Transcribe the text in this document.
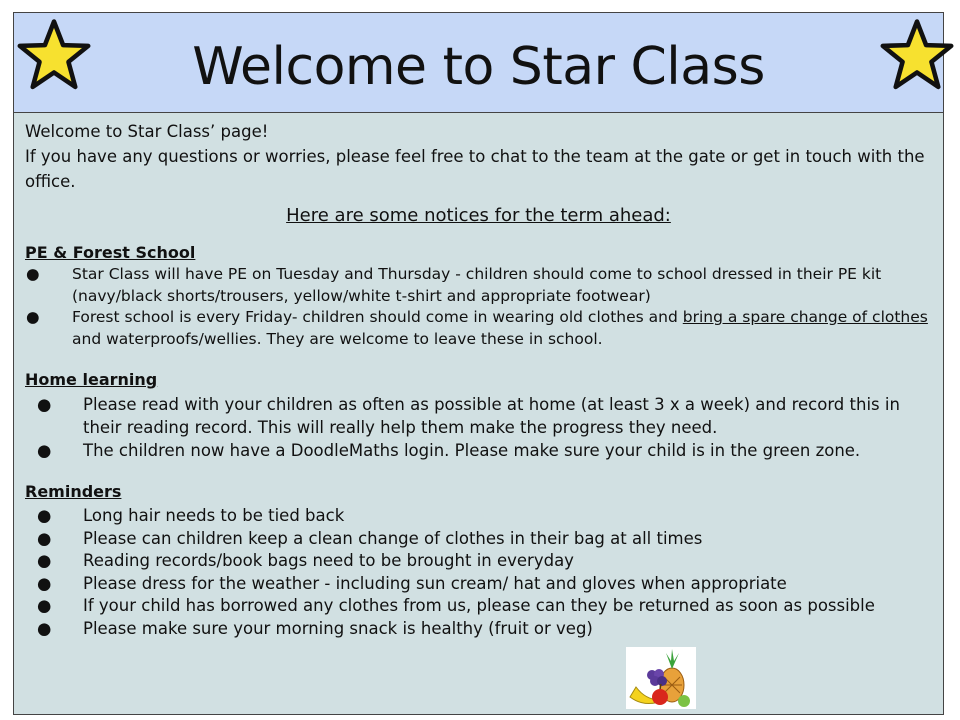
Welcome to Star Class

Welcome to Star Class’ page!

If you have any questions or worries, please feel free to chat to the team at the gate or get in touch with the office.

Here are some notices for the term ahead:
PE & Forest School
● Star Class will have PE on Tuesday and Thursday - children should come to school dressed in their PE kit (navy/black shorts/trousers, yellow/white t-shirt and appropriate footwear)
● Forest school is every Friday- children should come in wearing old clothes and bring a spare change of clothes and waterproofs/wellies. They are welcome to leave these in school.
Home learning
● Please read with your children as often as possible at home (at least 3 x a week) and record this in their reading record. This will really help them make the progress they need.
● The children now have a DoodleMaths login. Please make sure your child is in the green zone.
Reminders
● Long hair needs to be tied back
● Please can children keep a clean change of clothes in their bag at all times
● Reading records/book bags need to be brought in everyday
● Please dress for the weather - including sun cream/ hat and gloves when appropriate
● If your child has borrowed any clothes from us, please can they be returned as soon as possible
● Please make sure your morning snack is healthy (fruit or veg)
